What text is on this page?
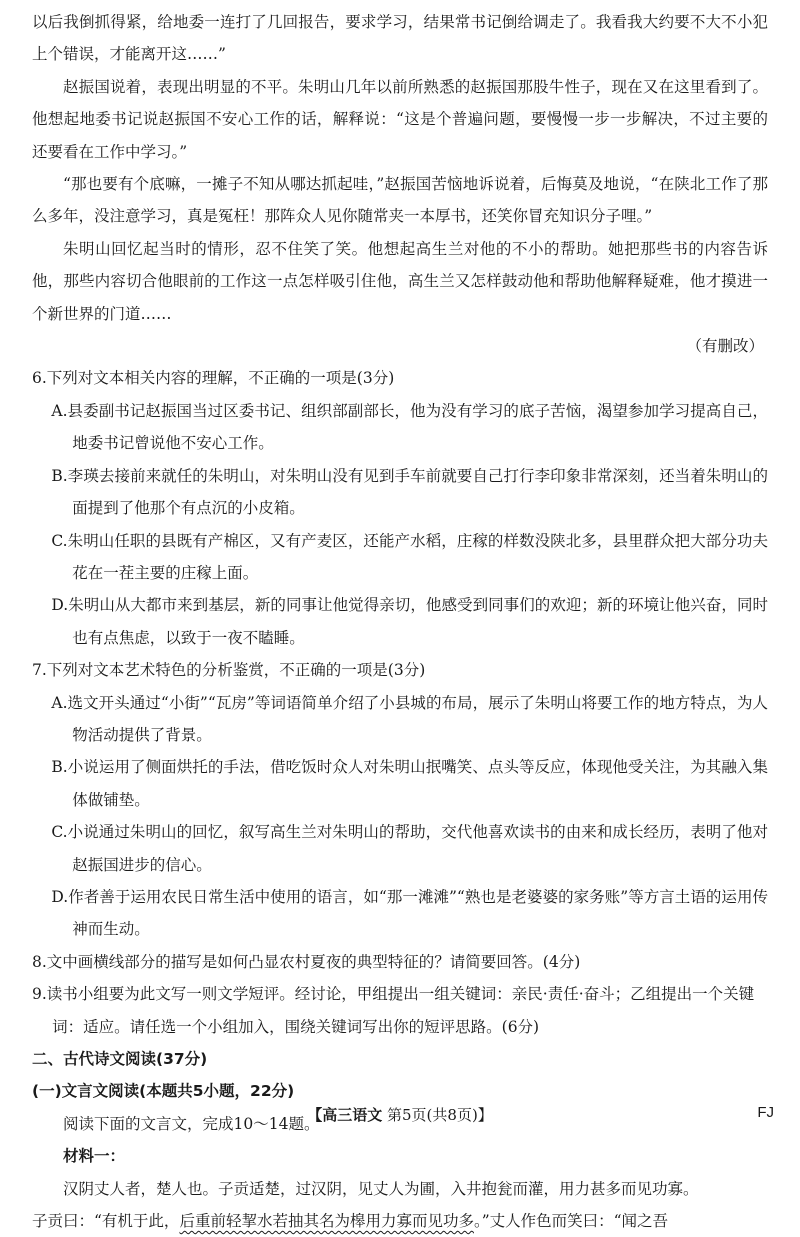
以后我倒抓得紧，给地委一连打了几回报告，要求学习，结果常书记倒给调走了。我看我大约要不大不小犯上个错误，才能离开这……”

赵振国说着，表现出明显的不平。朱明山几年以前所熟悉的赵振国那股牛性子，现在又在这里看到了。他想起地委书记说赵振国不安心工作的话，解释说：“这是个普遍问题，要慢慢一步一步解决，不过主要的还要看在工作中学习。”

“那也要有个底嘛，一摊子不知从哪达抓起哇，”赵振国苦恼地诉说着，后悔莫及地说，“在陕北工作了那么多年，没注意学习，真是冤枉！那阵众人见你随常夹一本厚书，还笑你冒充知识分子哩。”

朱明山回忆起当时的情形，忍不住笑了笑。他想起高生兰对他的不小的帮助。她把那些书的内容告诉他，那些内容切合他眼前的工作这一点怎样吸引住他，高生兰又怎样鼓动他和帮助他解释疑难，他才摸进一个新世界的门道……

（有删改）

6.下列对文本相关内容的理解，不正确的一项是(3分)
A.县委副书记赵振国当过区委书记、组织部副部长，他为没有学习的底子苦恼，渴望参加学习提高自己，地委书记曾说他不安心工作。
B.李瑛去接前来就任的朱明山，对朱明山没有见到手车前就要自己打行李印象非常深刻，还当着朱明山的面提到了他那个有点沉的小皮箱。
C.朱明山任职的县既有产棉区，又有产麦区，还能产水稻，庄稼的样数没陕北多，县里群众把大部分功夫花在一茬主要的庄稼上面。
D.朱明山从大都市来到基层，新的同事让他觉得亲切，他感受到同事们的欢迎；新的环境让他兴奋，同时也有点焦虑，以致于一夜不瞌睡。
7.下列对文本艺术特色的分析鉴赏，不正确的一项是(3分)
A.选文开头通过“小街”“瓦房”等词语简单介绍了小县城的布局，展示了朱明山将要工作的地方特点，为人物活动提供了背景。
B.小说运用了侧面烘托的手法，借吃饭时众人对朱明山抿嘴笑、点头等反应，体现他受关注，为其融入集体做铺垫。
C.小说通过朱明山的回忆，叙写高生兰对朱明山的帮助，交代他喜欢读书的由来和成长经历，表明了他对赵振国进步的信心。
D.作者善于运用农民日常生活中使用的语言，如“那一滩滩”“熟也是老婆婆的家务账”等方言土语的运用传神而生动。
8.文中画横线部分的描写是如何凸显农村夏夜的典型特征的？请简要回答。(4分)
9.读书小组要为此文写一则文学短评。经讨论，甲组提出一组关键词：亲民·责任·奋斗；乙组提出一个关键词：适应。请任选一个小组加入，围绕关键词写出你的短评思路。(6分)

二、古代诗文阅读(37分)

(一)文言文阅读(本题共5小题，22分)

阅读下面的文言文，完成10～14题。

材料一：

汉阴丈人者，楚人也。子贡适楚，过汉阴，见丈人为圃，入井抱瓮而灌，用力甚多而见功寡。

子贡曰：“有机于此，后重前轻挈水若抽其名为槔用力寡而见功多。”丈人作色而笑曰：“闻之吾

【高三语文 第5页(共8页)】	FJ
